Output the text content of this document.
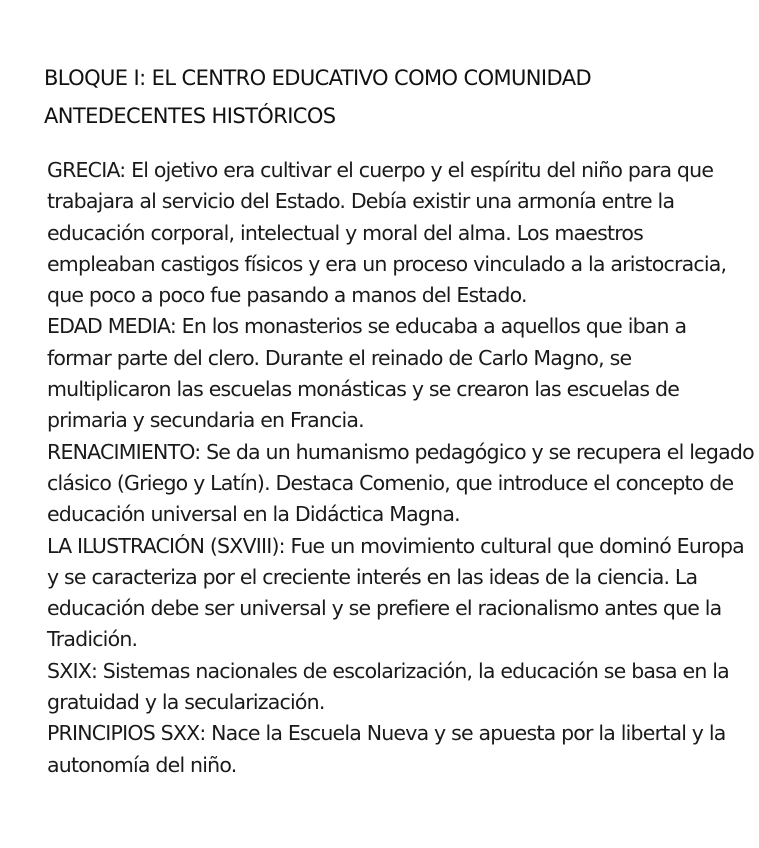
BLOQUE I: EL CENTRO EDUCATIVO COMO COMUNIDAD
ANTEDECENTES HISTÓRICOS
GRECIA: El ojetivo era cultivar el cuerpo y el espíritu del niño para que
trabajara al servicio del Estado. Debía existir una armonía entre la
educación corporal, intelectual y moral del alma. Los maestros
empleaban castigos físicos y era un proceso vinculado a la aristocracia,
que poco a poco fue pasando a manos del Estado.
EDAD MEDIA: En los monasterios se educaba a aquellos que iban a
formar parte del clero. Durante el reinado de Carlo Magno, se
multiplicaron las escuelas monásticas y se crearon las escuelas de
primaria y secundaria en Francia.
RENACIMIENTO: Se da un humanismo pedagógico y se recupera el legado
clásico (Griego y Latín). Destaca Comenio, que introduce el concepto de
educación universal en la Didáctica Magna.
LA ILUSTRACIÓN (SXVIII): Fue un movimiento cultural que dominó Europa
y se caracteriza por el creciente interés en las ideas de la ciencia. La
educación debe ser universal y se prefiere el racionalismo antes que la
Tradición.
SXIX: Sistemas nacionales de escolarización, la educación se basa en la
gratuidad y la secularización.
PRINCIPIOS SXX: Nace la Escuela Nueva y se apuesta por la libertal y la
autonomía del niño.
